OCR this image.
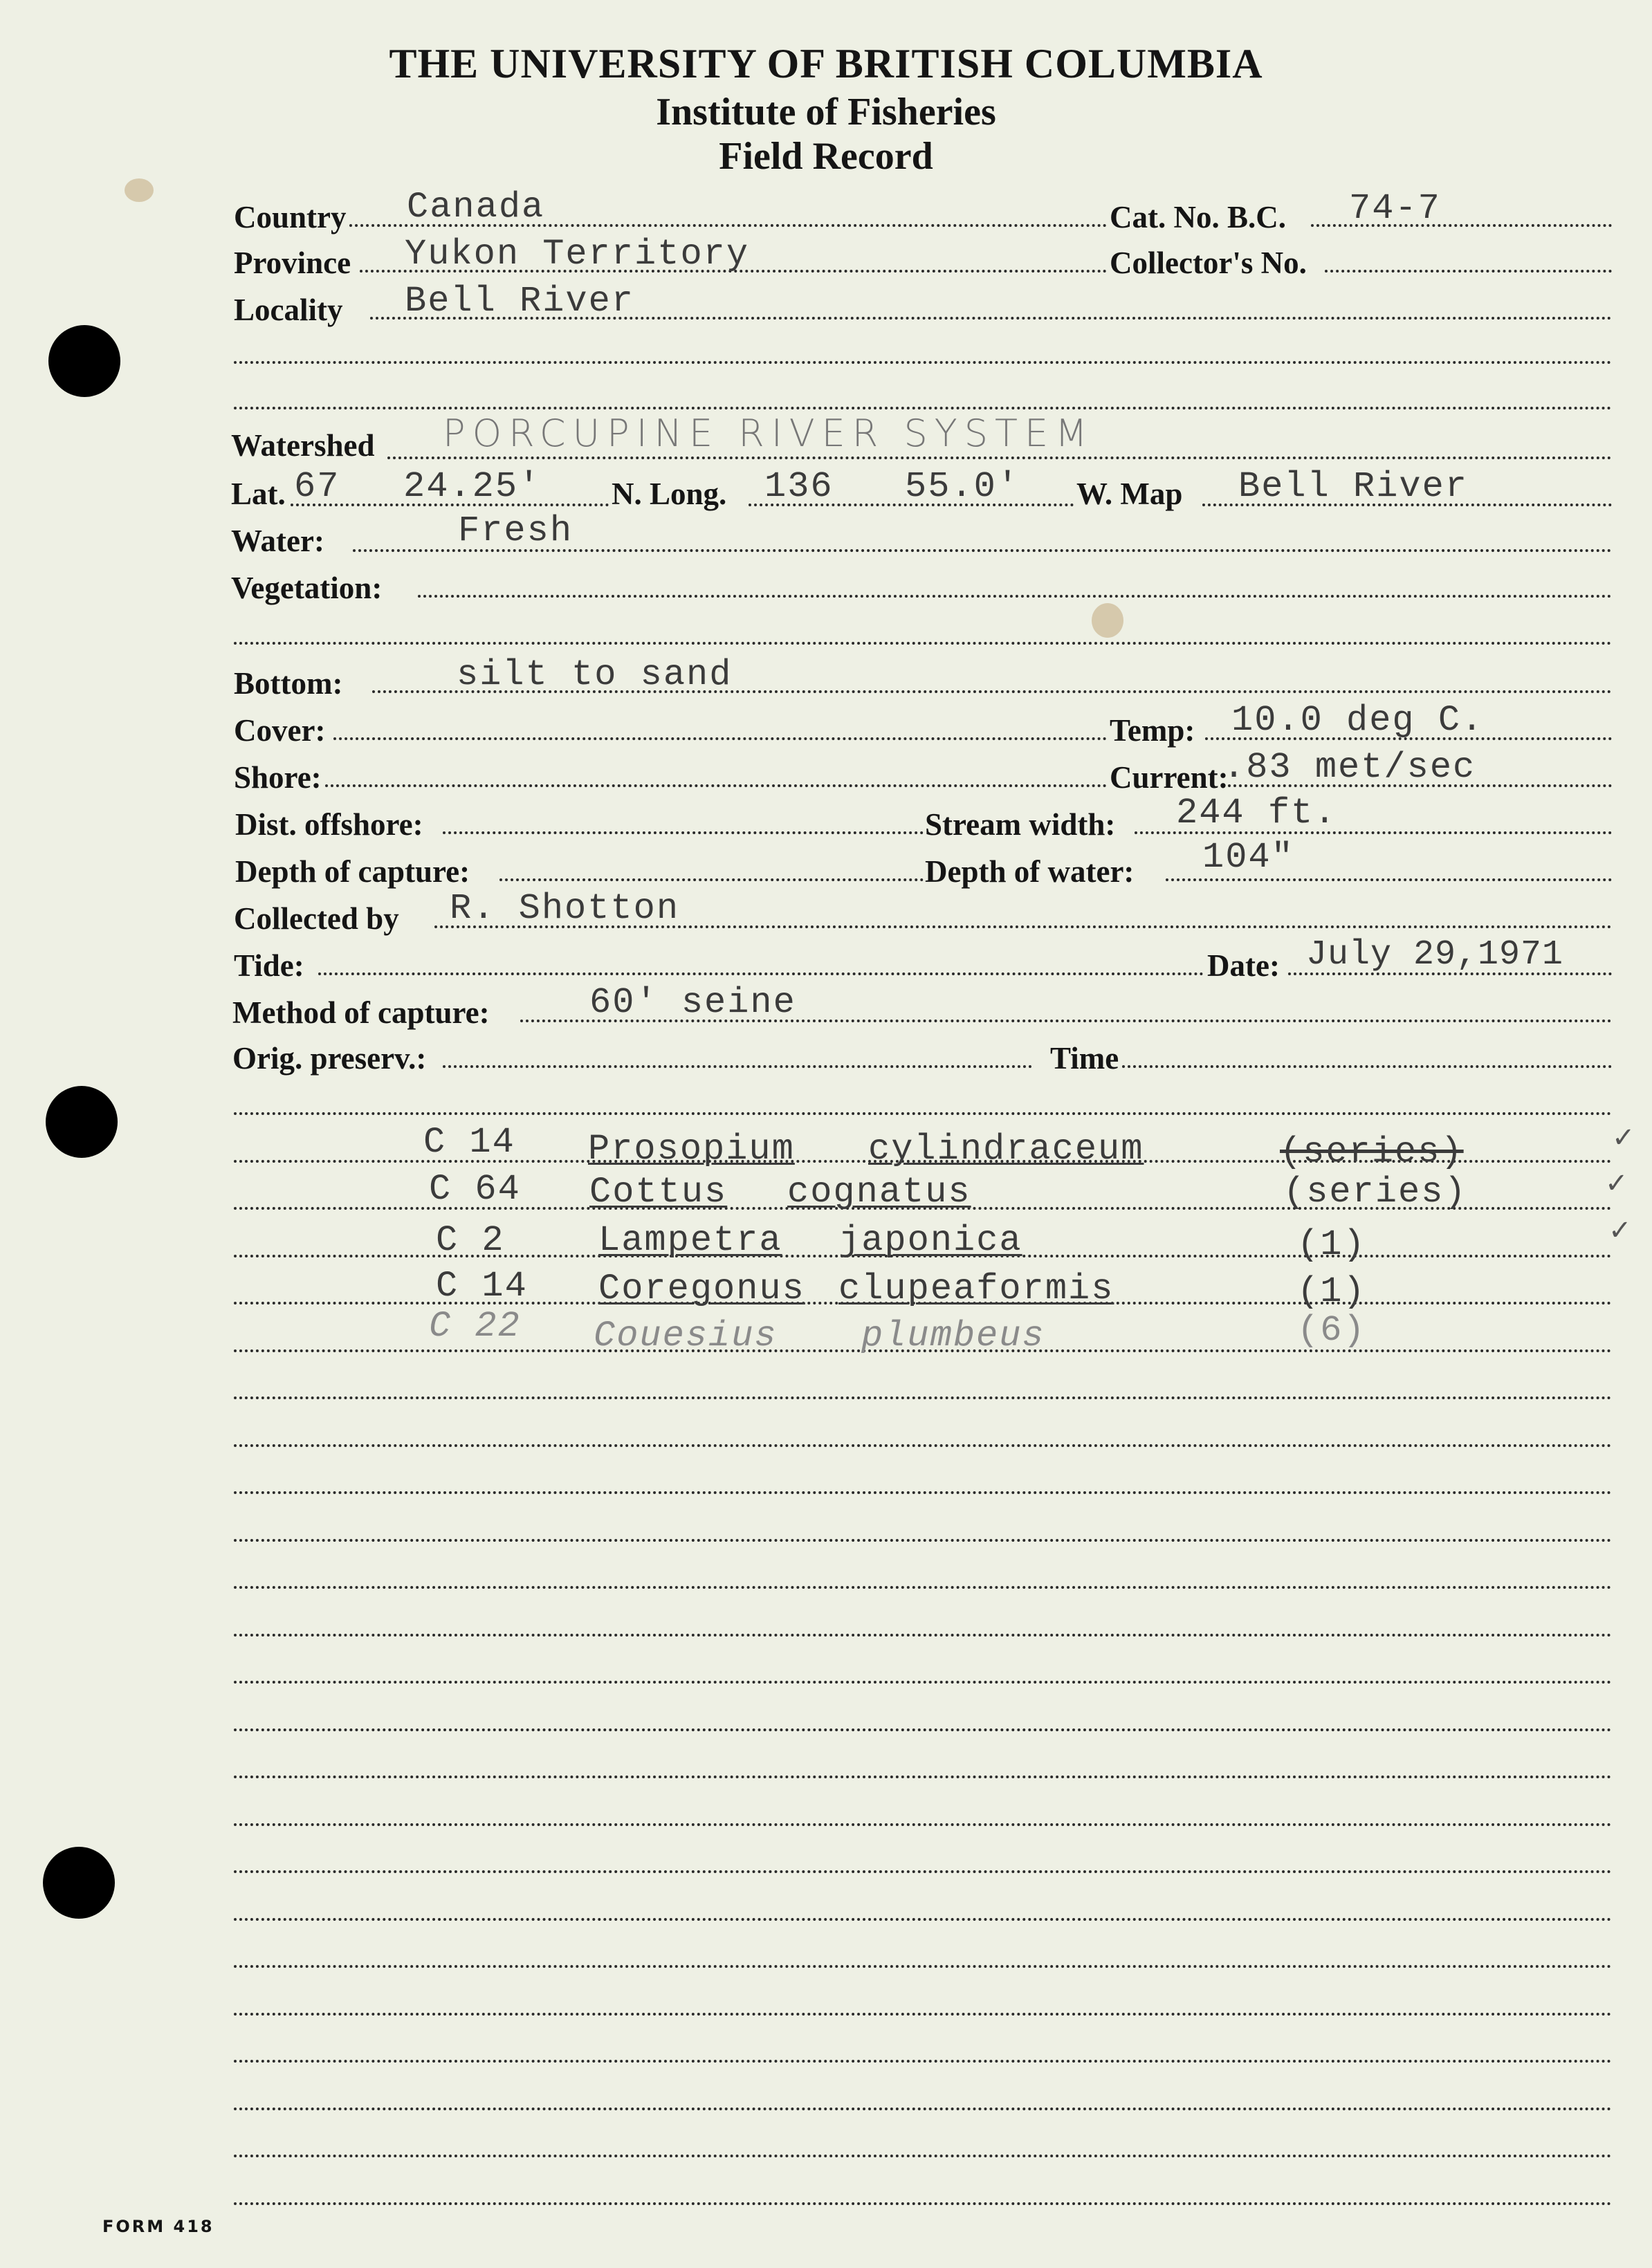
THE UNIVERSITY OF BRITISH COLUMBIA
Institute of Fisheries
Field Record
Country Canada	Cat. No. B.C. 74-7
Province Yukon Territory	Collector's No.
Locality Bell River
Watershed PORCUPINE RIVER SYSTEM
Lat. 67 24.25' N. Long. 136 55.0' W. Map Bell River
Water:	Fresh
Vegetation:
Bottom:	silt to sand
Cover:	Temp: 10.0 deg C.
Shore:	Current:
.83 met/sec
Dist. offshore:	Stream width: 244 ft.
Depth of capture:	Depth of water: 104"
Collected by R. Shotton
Tide:	Date: July 29,1971
Method of capture:	60' seine
Orig. preserv.:	Time
C 14 Prosopium cylindraceum	(series)
C 64 Cottus cognatus	(series)
C 2	Lampetra japonica	(1)
C 14 Coregonus clupeaformis	(1)
C 22 Couesius plumbeus	(6)
✓
✓
✓
FORM 418
